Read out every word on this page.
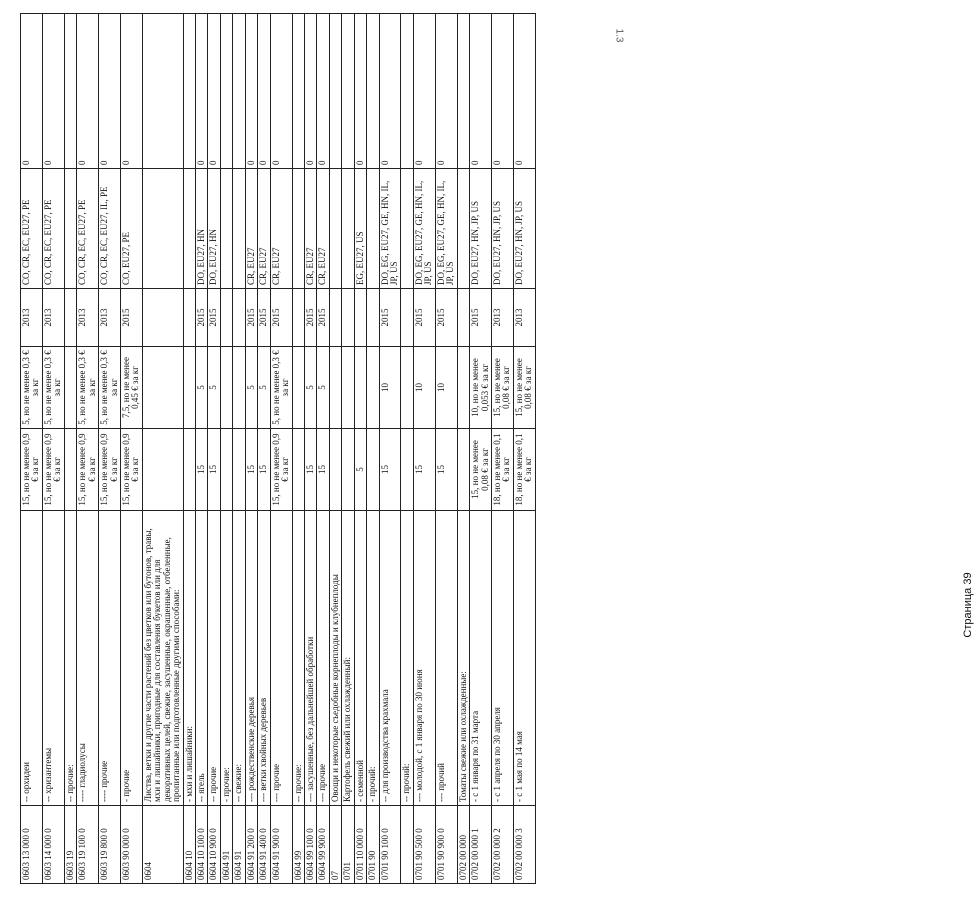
0603 13 000 0	-- орхидеи	15, но не менее 0,9 € за кг	5, но не менее 0,3 € за кг	2013	CO, CR, EC, EU27, PE	0
0603 14 000 0	-- хризантемы	15, но не менее 0,9 € за кг	5, но не менее 0,3 € за кг	2013	CO, CR, EC, EU27, PE	0
0603 19	-- прочие:					
0603 19 100 0	---- гладиолусы	15, но не менее 0,9 € за кг	5, но не менее 0,3 € за кг	2013	CO, CR, EC, EU27, PE	0
0603 19 800 0	---- прочие	15, но не менее 0,9 € за кг	5, но не менее 0,3 € за кг	2013	CO, CR, EC, EU27, IL, PE	0
0603 90 000 0	- прочие	15, но не менее 0,9 € за кг	7,5, но не менее 0,45 € за кг	2015	CO, EU27, PE	0
0604	Листва, ветки и другие части растений без цветков или бутонов, травы, мхи и лишайники, пригодные для составления букетов или для декоративных целей, свежие, засушенные, окрашенные, отбеленные, пропитанные или подготовленные другими способами:					
0604 10	- мхи и лишайники:					
0604 10 100 0	-- ягель	15	5	2015	DO, EU27, HN	0
0604 10 900 0	-- прочие	15	5	2015	DO, EU27, HN	0
0604 91	- прочие:					
0604 91	-- свежие:					
0604 91 200 0	--- рождественские деревья	15	5	2015	CR, EU27	0
0604 91 400 0	--- ветки хвойных деревьев	15	5	2015	CR, EU27	0
0604 91 900 0	--- прочие	15, но не менее 0,9 € за кг	5, но не менее 0,3 € за кг	2015	CR, EU27	0
0604 99	-- прочие:					
0604 99 100 0	--- засушенные, без дальнейшей обработки	15	5	2015	CR, EU27	0
0604 99 900 0	--- прочие	15	5	2015	CR, EU27	0
07	Овощи и некоторые съедобные корнеплоды и клубнеплоды					
0701	Картофель свежий или охлажденный:					
0701 10 000 0	- семенной	5			EG, EU27, US	0
0701 90	- прочий:					
0701 90 100 0	-- для производства крахмала	15	10	2015	DO, EG, EU27, GE, HN, IL, JP, US	0
	-- прочий:					
0701 90 500 0	--- молодой, с 1 января по 30 июня	15	10	2015	DO, EG, EU27, GE, HN, IL, JP, US	0
0701 90 900 0	--- прочий	15	10	2015	DO, EG, EU27, GE, HN, IL, JP, US	0
0702 00 000	Томаты свежие или охлажденные:					
0702 00 000 1	- с 1 января по 31 марта	15, но не менее 0,08 € за кг	10, но не менее 0,053 € за кг	2015	DO, EU27, HN, JP, US	0
0702 00 000 2	- с 1 апреля по 30 апреля	18, но не менее 0,1 € за кг	15, но не менее 0,08 € за кг	2013	DO, EU27, HN, JP, US	0
0702 00 000 3	- с 1 мая по 14 мая	18, но не менее 0,1 € за кг	15, но не менее 0,08 € за кг	2013	DO, EU27, HN, JP, US	0
Страница 39
1.3
